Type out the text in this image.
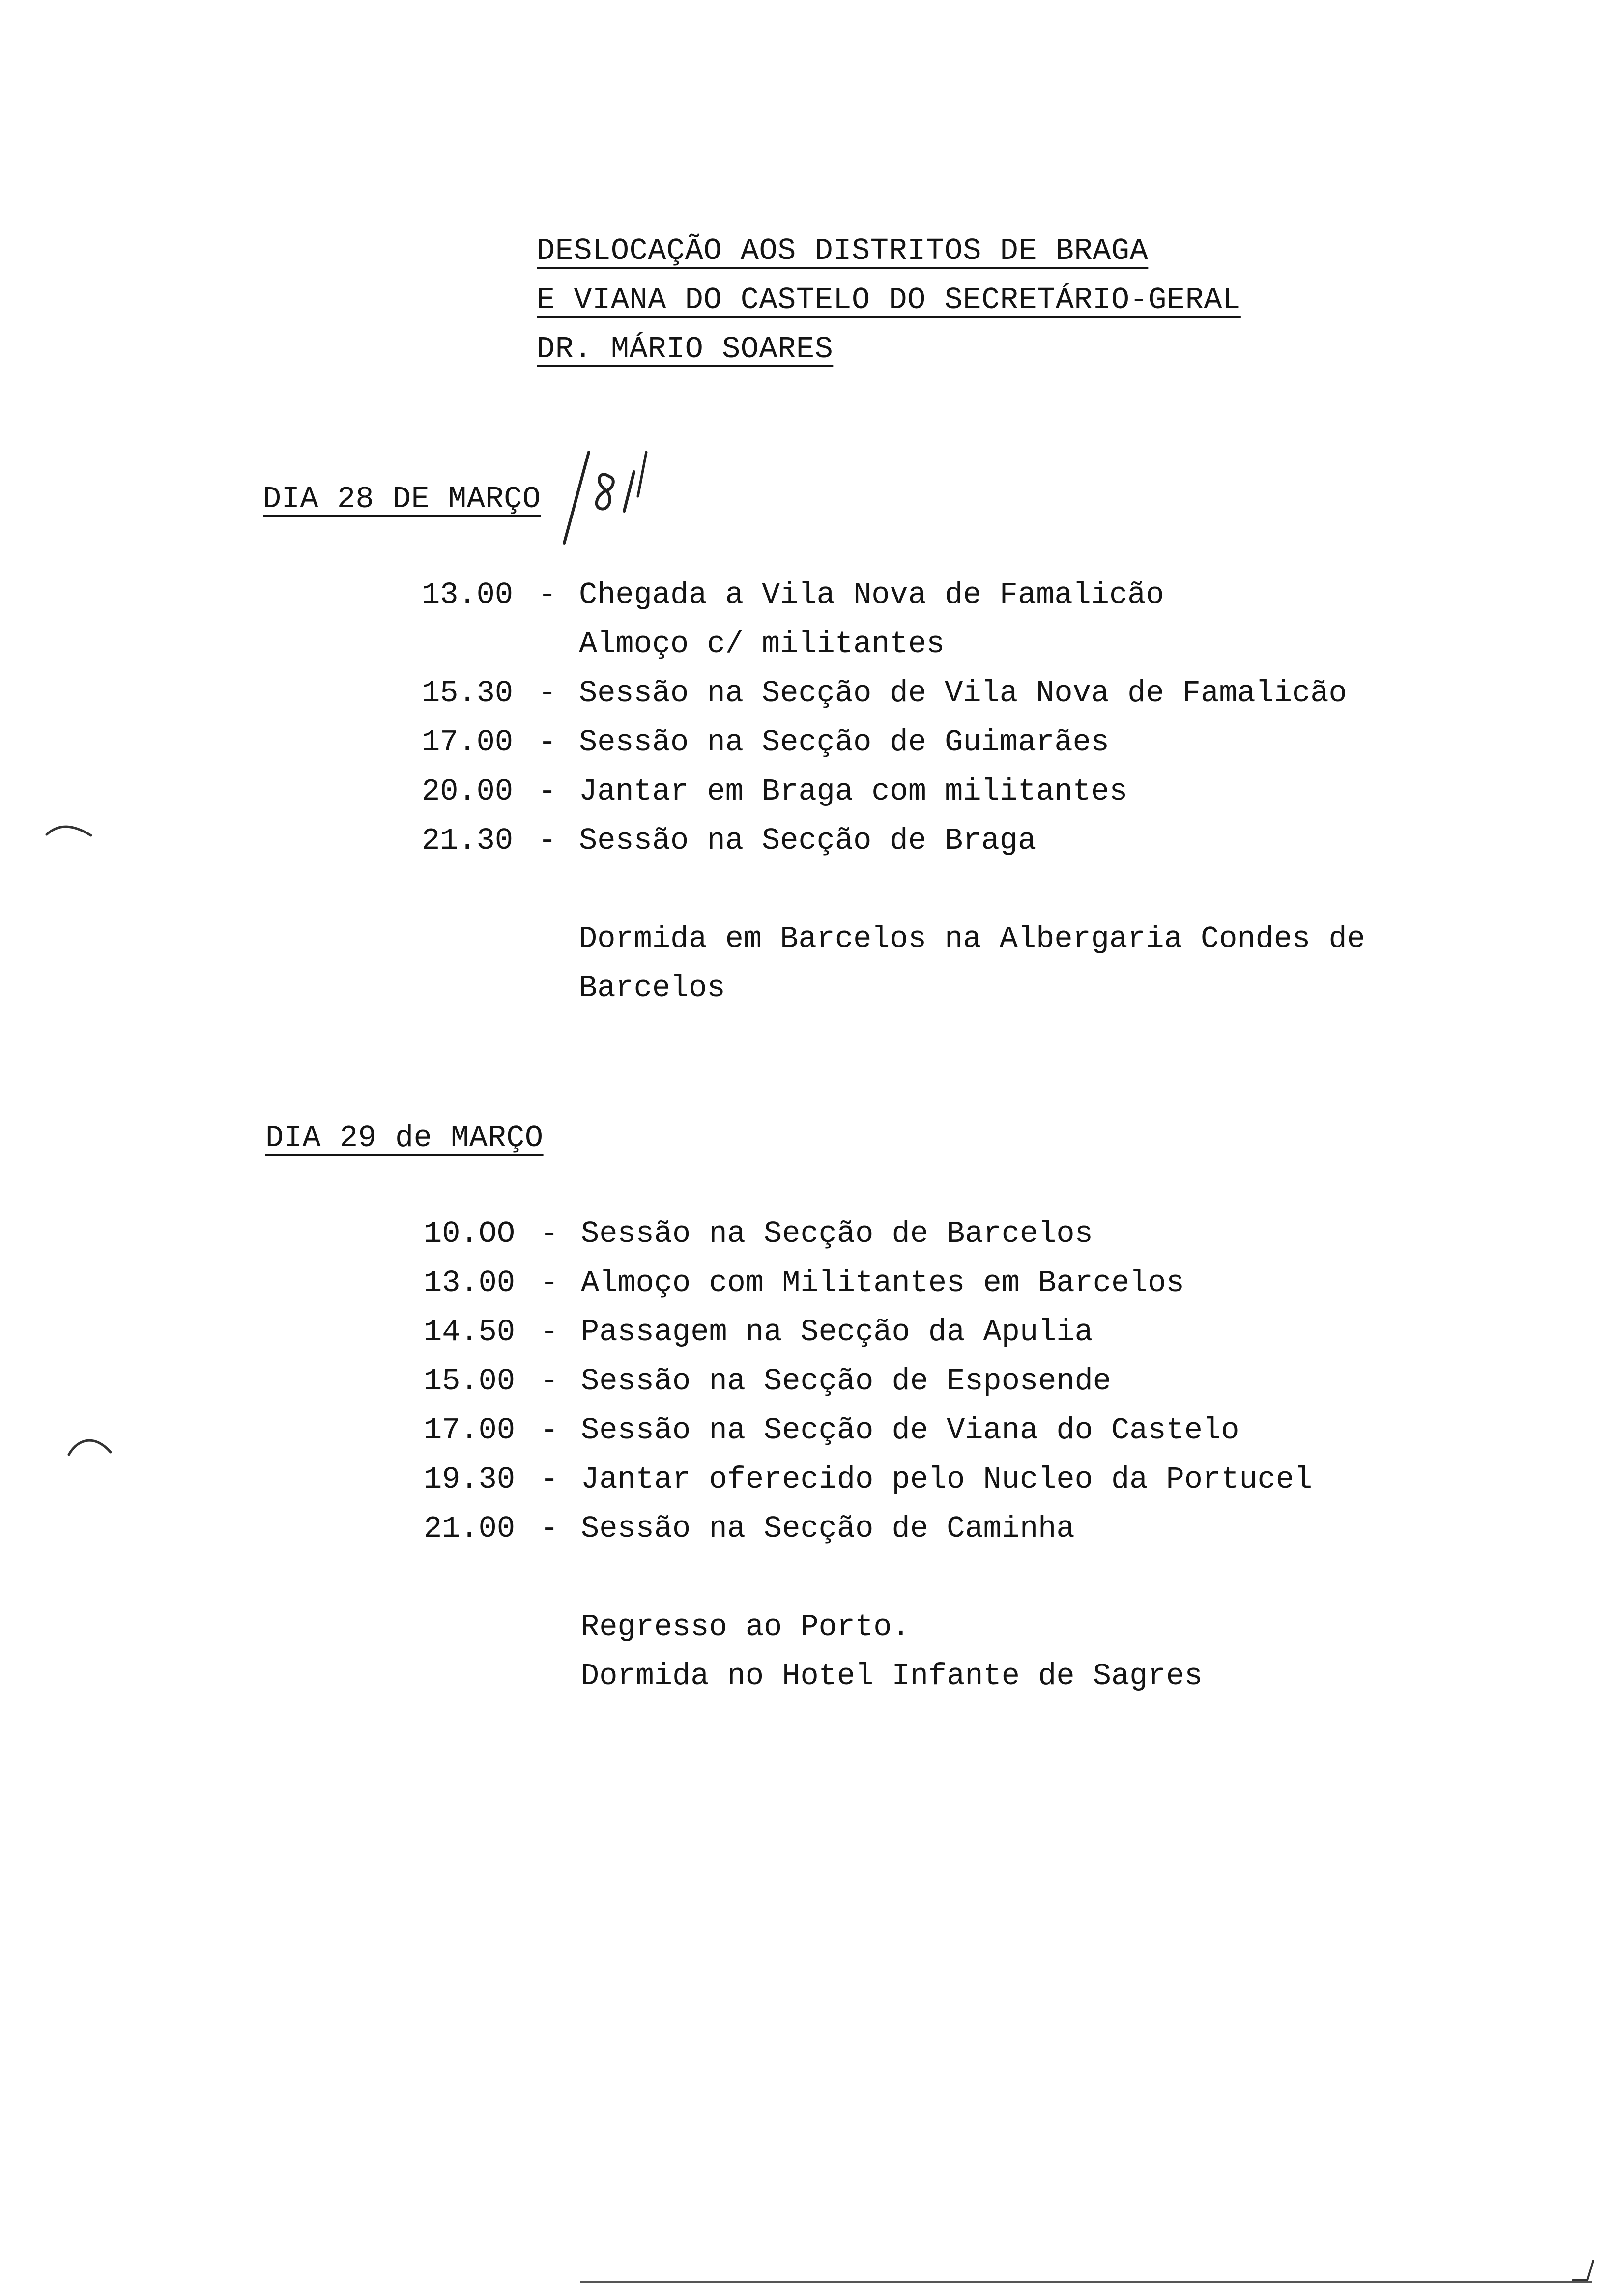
DESLOCAÇÃO AOS DISTRITOS DE BRAGA
E VIANA DO CASTELO DO SECRETÁRIO-GERAL
DR. MÁRIO SOARES
DIA 28 DE MARÇO

13.00

-

Chegada a Vila Nova de Famalicão

Almoço c/ militantes

15.30

-

Sessão na Secção de Vila Nova de Famalicão

17.00

-

Sessão na Secção de Guimarães

20.00

-

Jantar em Braga com militantes

21.30

-

Sessão na Secção de Braga

Dormida em Barcelos na Albergaria Condes de
Barcelos
DIA 29 de MARÇO

10.OO

-

Sessão na Secção de Barcelos

13.00

-

Almoço com Militantes em Barcelos

14.50

-

Passagem na Secção da Apulia

15.00

-

Sessão na Secção de Esposende

17.00

-

Sessão na Secção de Viana do Castelo

19.30

-

Jantar oferecido pelo Nucleo da Portucel

21.00

-

Sessão na Secção de Caminha

Regresso ao Porto.
Dormida no Hotel Infante de Sagres
